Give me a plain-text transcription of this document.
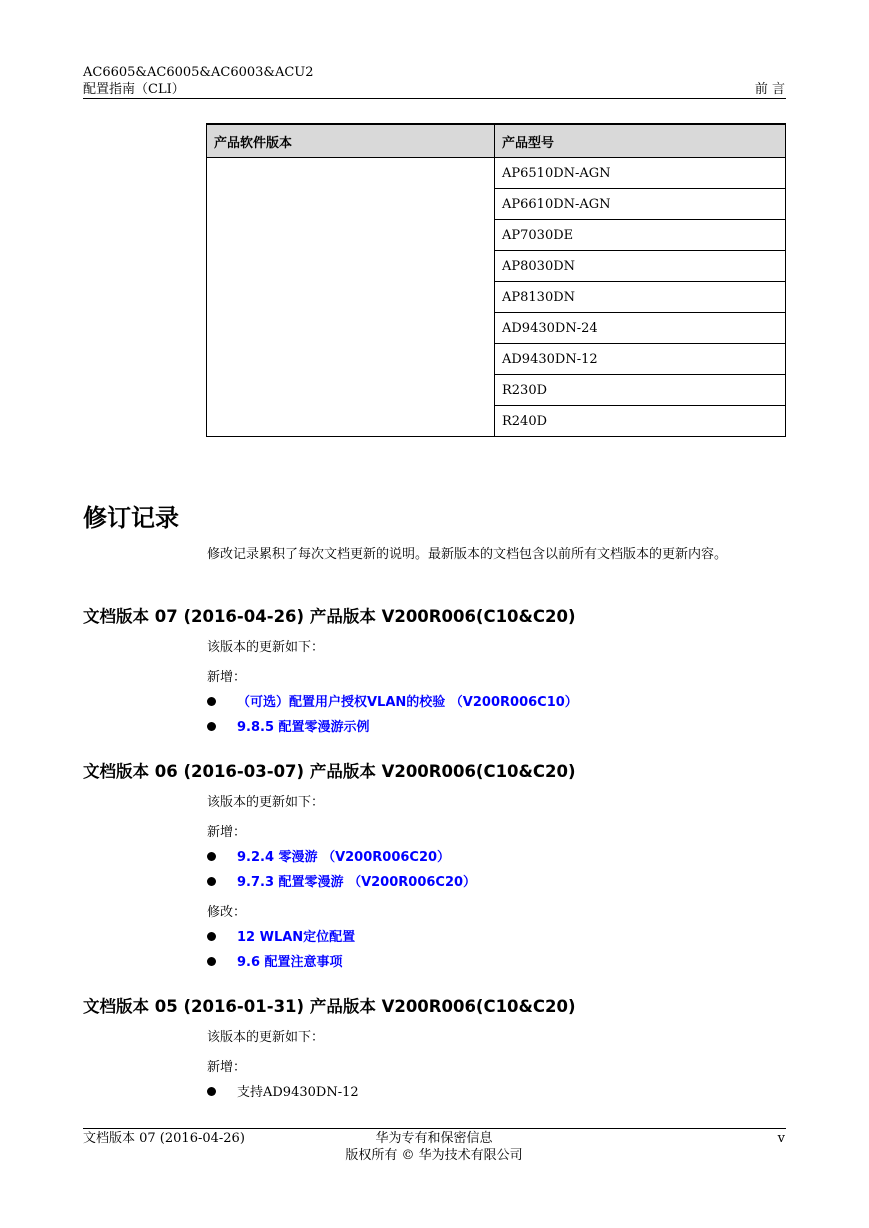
AC6605&AC6005&AC6003&ACU2
配置指南（CLI）	前 言
产品软件版本	产品型号
	AP6510DN-AGN
	AP6610DN-AGN
	AP7030DE
	AP8030DN
	AP8130DN
	AD9430DN-24
	AD9430DN-12
	R230D
	R240D
修订记录
修改记录累积了每次文档更新的说明。最新版本的文档包含以前所有文档版本的更新内容。
文档版本 07 (2016-04-26) 产品版本 V200R006(C10&C20)
该版本的更新如下：
新增：
（可选）配置用户授权VLAN的校验 （V200R006C10）
9.8.5 配置零漫游示例
文档版本 06 (2016-03-07) 产品版本 V200R006(C10&C20)
该版本的更新如下：
新增：
9.2.4 零漫游 （V200R006C20）
9.7.3 配置零漫游 （V200R006C20）
修改：
12 WLAN定位配置
9.6 配置注意事项
文档版本 05 (2016-01-31) 产品版本 V200R006(C10&C20)
该版本的更新如下：
新增：
支持AD9430DN-12
文档版本 07 (2016-04-26)	华为专有和保密信息
版权所有 © 华为技术有限公司
v
